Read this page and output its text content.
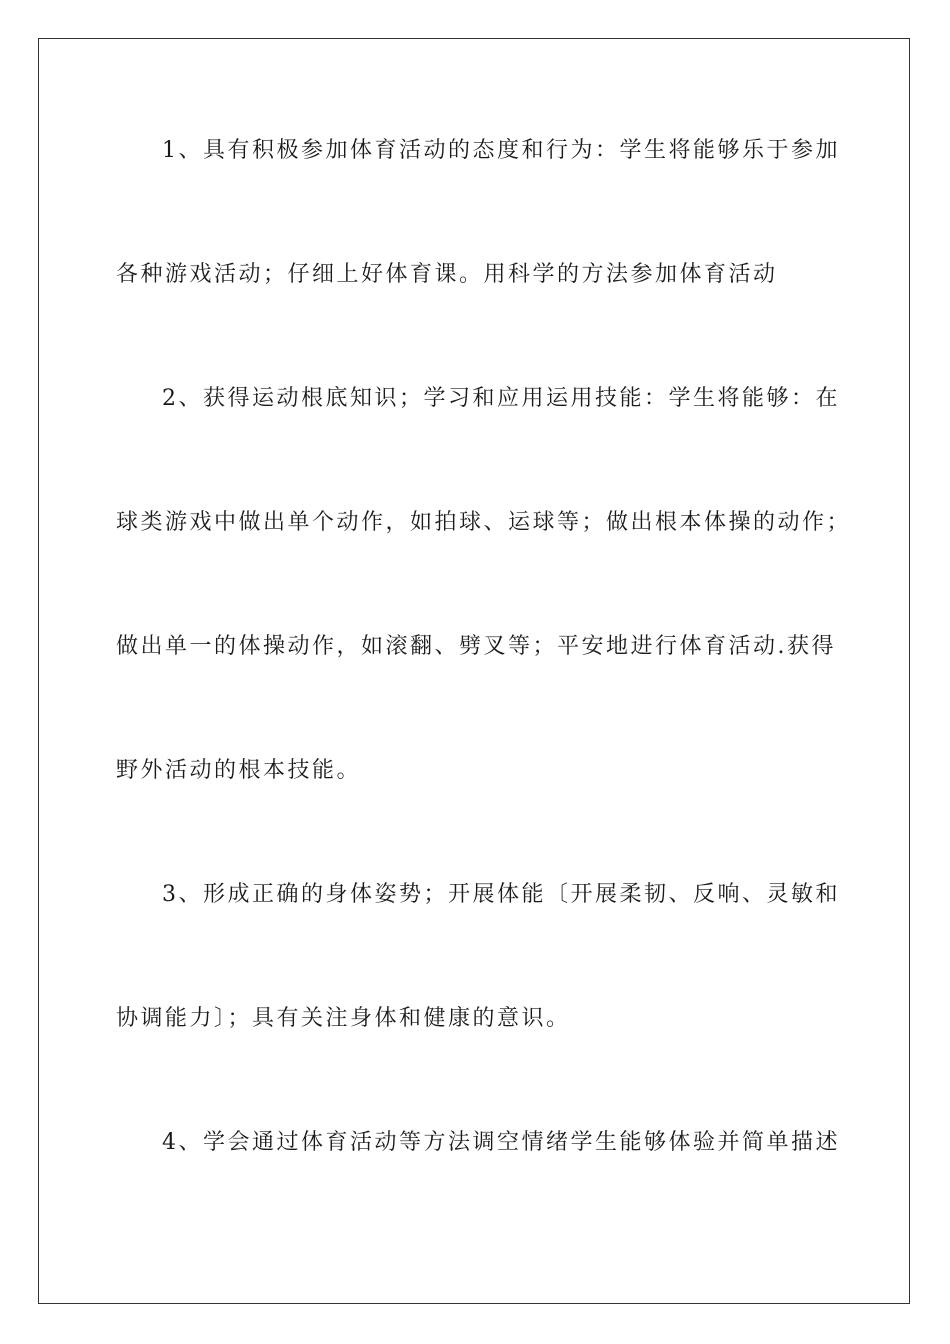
1、具有积极参加体育活动的态度和行为：学生将能够乐于参加
各种游戏活动；仔细上好体育课。用科学的方法参加体育活动
2、获得运动根底知识；学习和应用运用技能：学生将能够：在
球类游戏中做出单个动作，如拍球、运球等；做出根本体操的动作；
做出单一的体操动作，如滚翻、劈叉等；平安地进行体育活动.获得
野外活动的根本技能。
3、形成正确的身体姿势；开展体能〔开展柔韧、反响、灵敏和
协调能力〕；具有关注身体和健康的意识。
4、学会通过体育活动等方法调空情绪学生能够体验并简单描述
